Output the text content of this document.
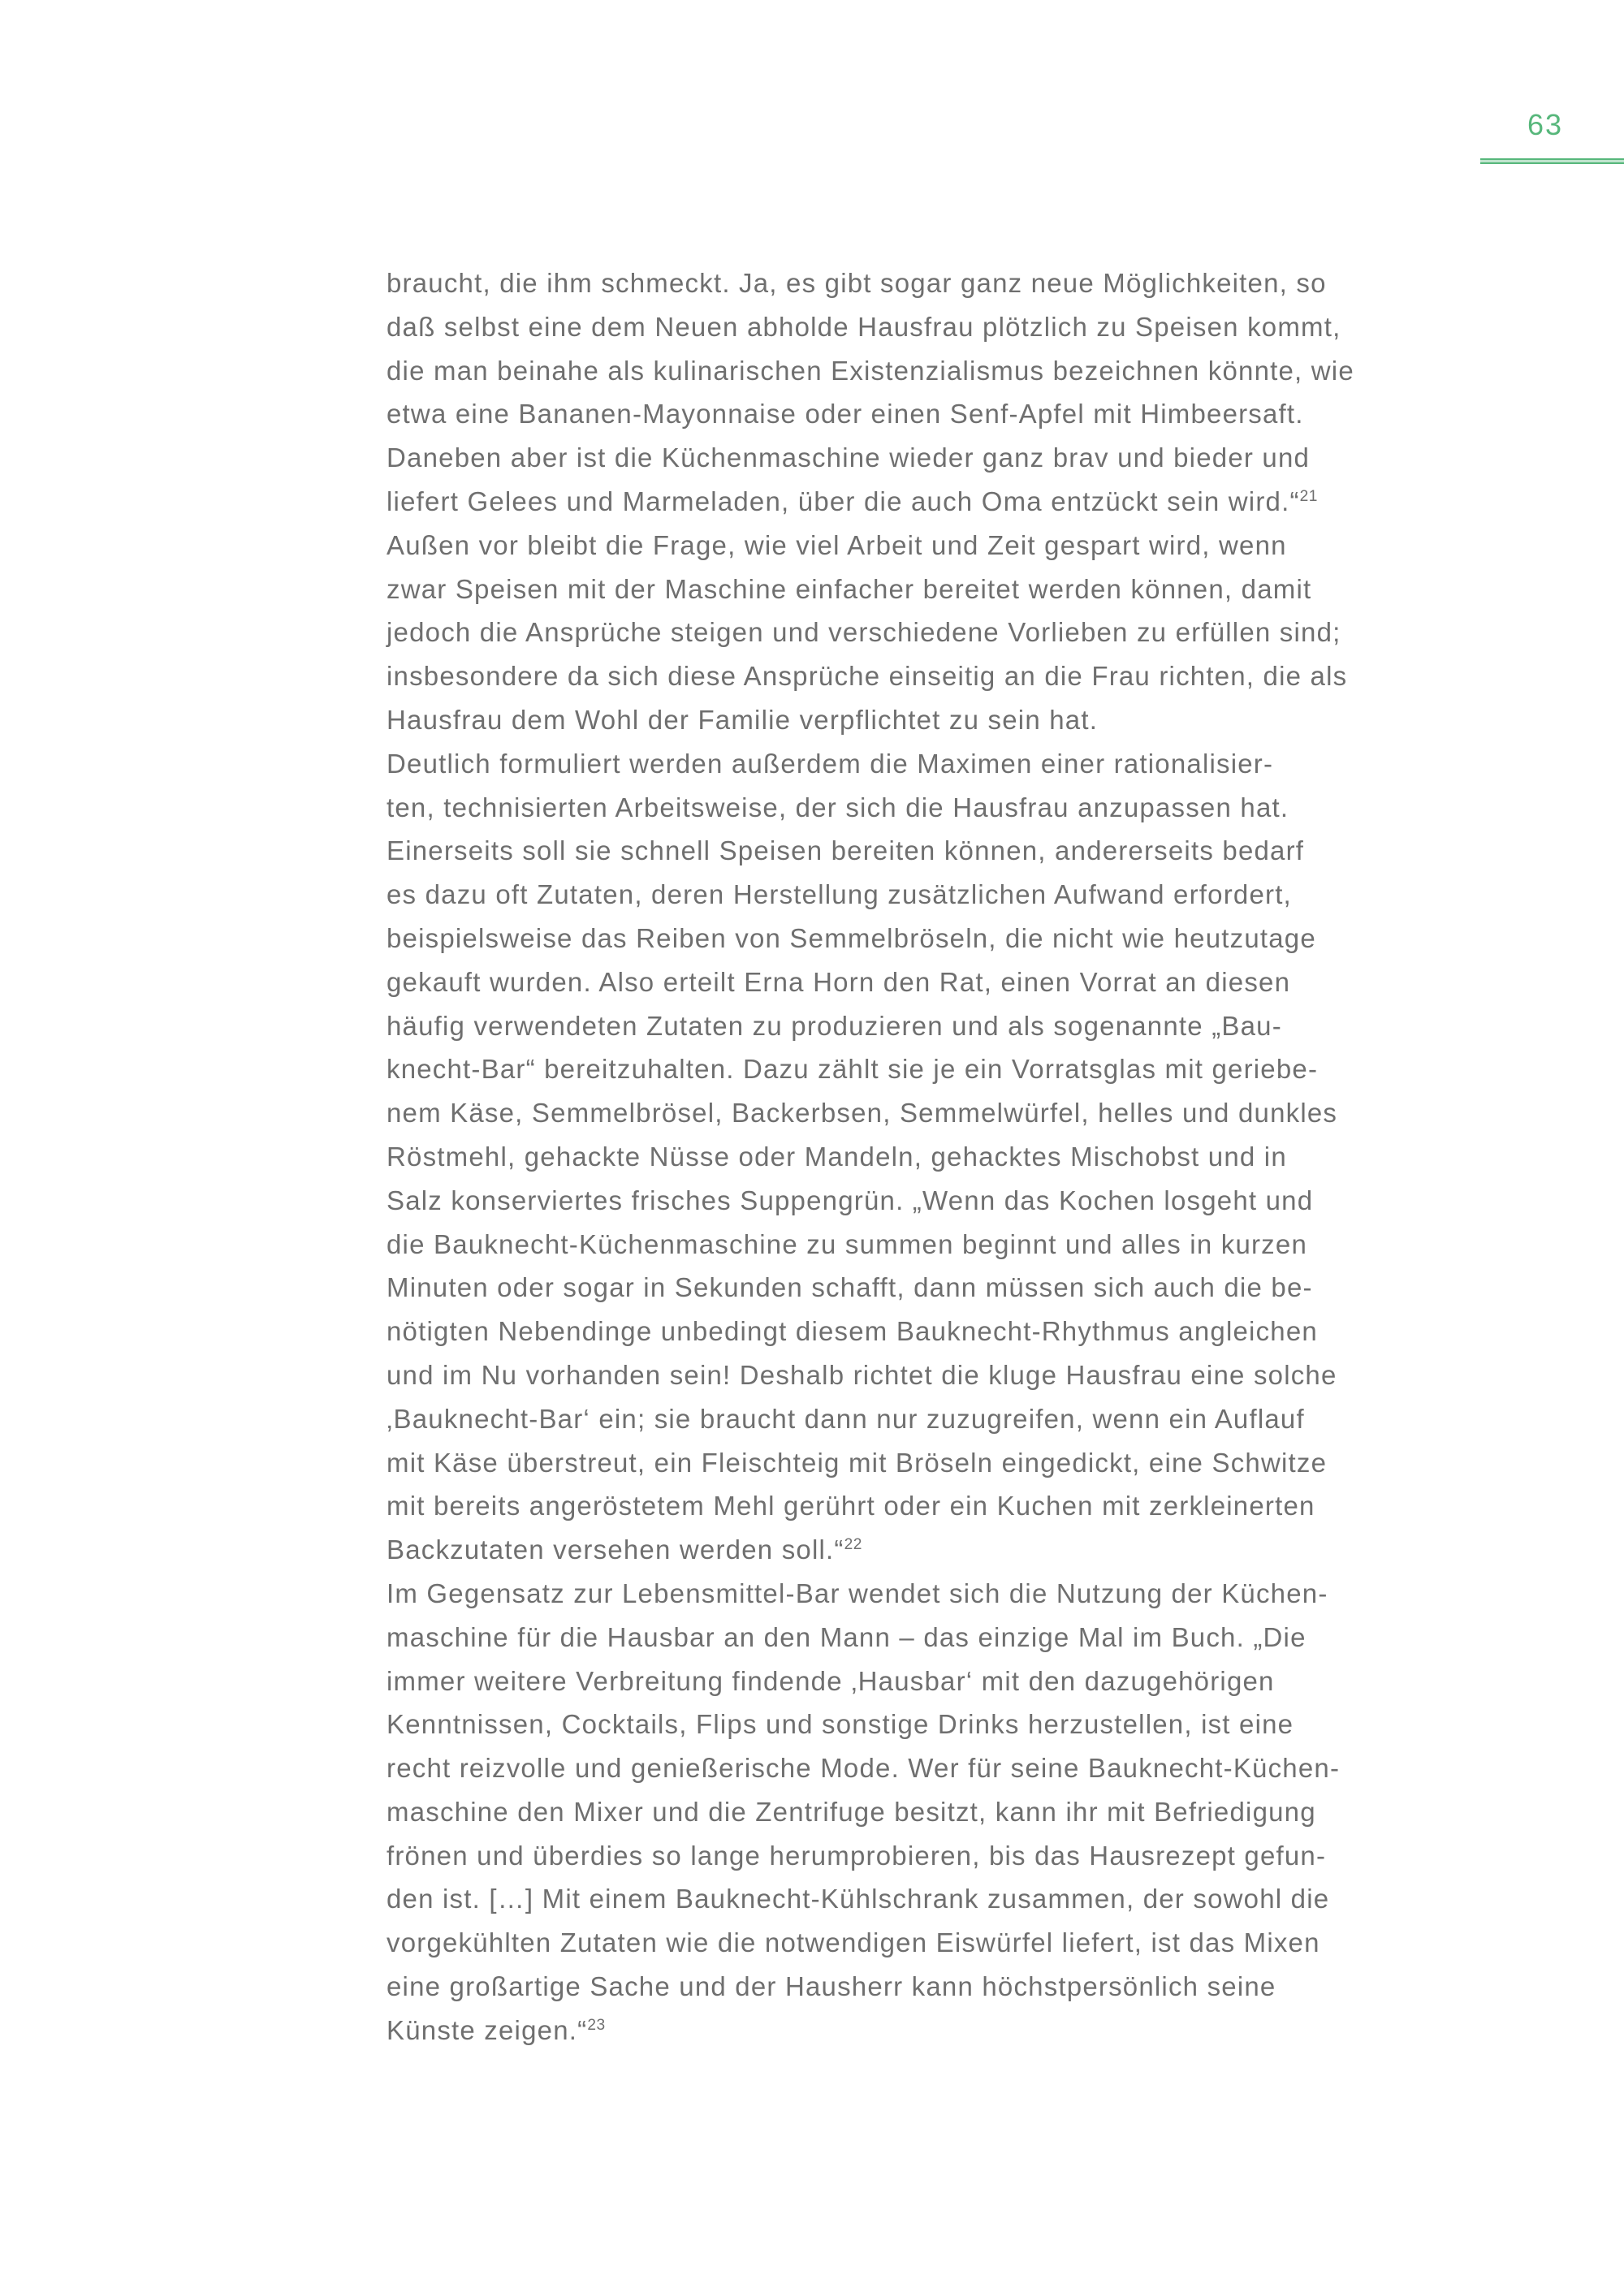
63
braucht, die ihm schmeckt. Ja, es gibt sogar ganz neue Möglichkeiten, so
daß selbst eine dem Neuen abholde Hausfrau plötzlich zu Speisen kommt,
die man beinahe als kulinarischen Existenzialismus bezeichnen könnte, wie
etwa eine Bananen-Mayonnaise oder einen Senf-Apfel mit Himbeersaft.
Daneben aber ist die Küchenmaschine wieder ganz brav und bieder und
liefert Gelees und Marmeladen, über die auch Oma entzückt sein wird.“$^{21}$
Außen vor bleibt die Frage, wie viel Arbeit und Zeit gespart wird, wenn
zwar Speisen mit der Maschine einfacher bereitet werden können, damit
jedoch die Ansprüche steigen und verschiedene Vorlieben zu erfüllen sind;
insbesondere da sich diese Ansprüche einseitig an die Frau richten, die als
Hausfrau dem Wohl der Familie verpflichtet zu sein hat.
Deutlich formuliert werden außerdem die Maximen einer rationalisier-
ten, technisierten Arbeitsweise, der sich die Hausfrau anzupassen hat.
Einerseits soll sie schnell Speisen bereiten können, andererseits bedarf
es dazu oft Zutaten, deren Herstellung zusätzlichen Aufwand erfordert,
beispielsweise das Reiben von Semmelbröseln, die nicht wie heutzutage
gekauft wurden. Also erteilt Erna Horn den Rat, einen Vorrat an diesen
häufig verwendeten Zutaten zu produzieren und als sogenannte „Bau-
knecht-Bar“ bereitzuhalten. Dazu zählt sie je ein Vorratsglas mit geriebe-
nem Käse, Semmelbrösel, Backerbsen, Semmelwürfel, helles und dunkles
Röstmehl, gehackte Nüsse oder Mandeln, gehacktes Mischobst und in
Salz konserviertes frisches Suppengrün. „Wenn das Kochen losgeht und
die Bauknecht-Küchenmaschine zu summen beginnt und alles in kurzen
Minuten oder sogar in Sekunden schafft, dann müssen sich auch die be-
nötigten Nebendinge unbedingt diesem Bauknecht-Rhythmus angleichen
und im Nu vorhanden sein! Deshalb richtet die kluge Hausfrau eine solche
‚Bauknecht-Bar‘ ein; sie braucht dann nur zuzugreifen, wenn ein Auflauf
mit Käse überstreut, ein Fleischteig mit Bröseln eingedickt, eine Schwitze
mit bereits angeröstetem Mehl gerührt oder ein Kuchen mit zerkleinerten
Backzutaten versehen werden soll.“$^{22}$
Im Gegensatz zur Lebensmittel-Bar wendet sich die Nutzung der Küchen-
maschine für die Hausbar an den Mann – das einzige Mal im Buch. „Die
immer weitere Verbreitung findende ‚Hausbar‘ mit den dazugehörigen
Kenntnissen, Cocktails, Flips und sonstige Drinks herzustellen, ist eine
recht reizvolle und genießerische Mode. Wer für seine Bauknecht-Küchen-
maschine den Mixer und die Zentrifuge besitzt, kann ihr mit Befriedigung
frönen und überdies so lange herumprobieren, bis das Hausrezept gefun-
den ist. […] Mit einem Bauknecht-Kühlschrank zusammen, der sowohl die
vorgekühlten Zutaten wie die notwendigen Eiswürfel liefert, ist das Mixen
eine großartige Sache und der Hausherr kann höchstpersönlich seine
Künste zeigen.“$^{23}$
